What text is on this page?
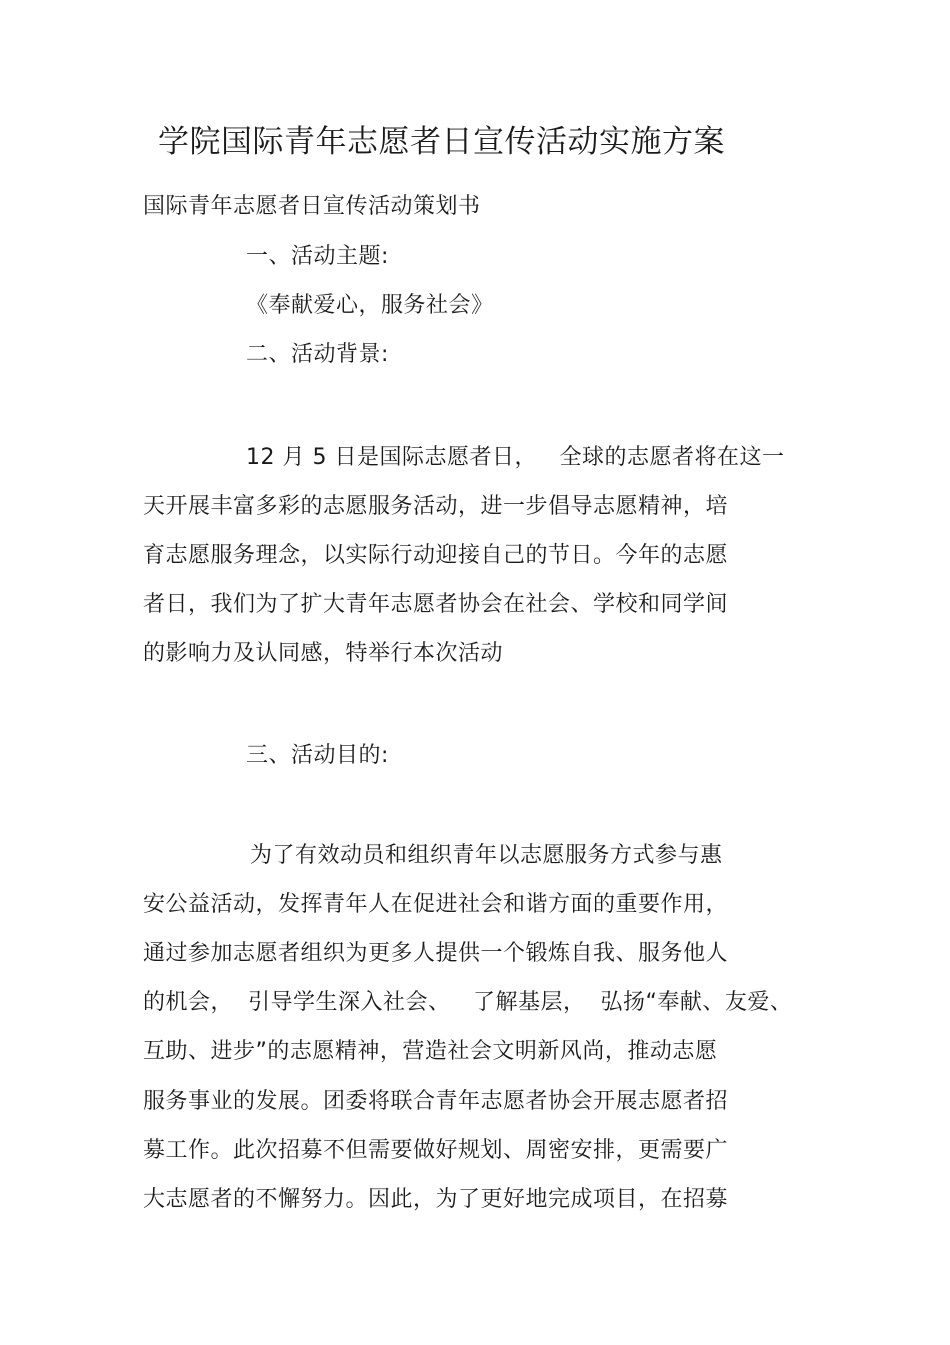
学院国际青年志愿者日宣传活动实施方案
国际青年志愿者日宣传活动策划书
一、活动主题:
《奉献爱心，服务社会》
二、活动背景:
12 月 5 日是国际志愿者日，   全球的志愿者将在这一
天开展丰富多彩的志愿服务活动，进一步倡导志愿精神，培
育志愿服务理念，以实际行动迎接自己的节日。今年的志愿
者日，我们为了扩大青年志愿者协会在社会、学校和同学间
的影响力及认同感，特举行本次活动
三、活动目的:
为了有效动员和组织青年以志愿服务方式参与惠
安公益活动，发挥青年人在促进社会和谐方面的重要作用，
通过参加志愿者组织为更多人提供一个锻炼自我、服务他人
的机会，  引导学生深入社会、   了解基层，  弘扬“奉献、友爱、
互助、进步”的志愿精神，营造社会文明新风尚，推动志愿
服务事业的发展。团委将联合青年志愿者协会开展志愿者招
募工作。此次招募不但需要做好规划、周密安排，更需要广
大志愿者的不懈努力。因此，为了更好地完成项目，在招募
